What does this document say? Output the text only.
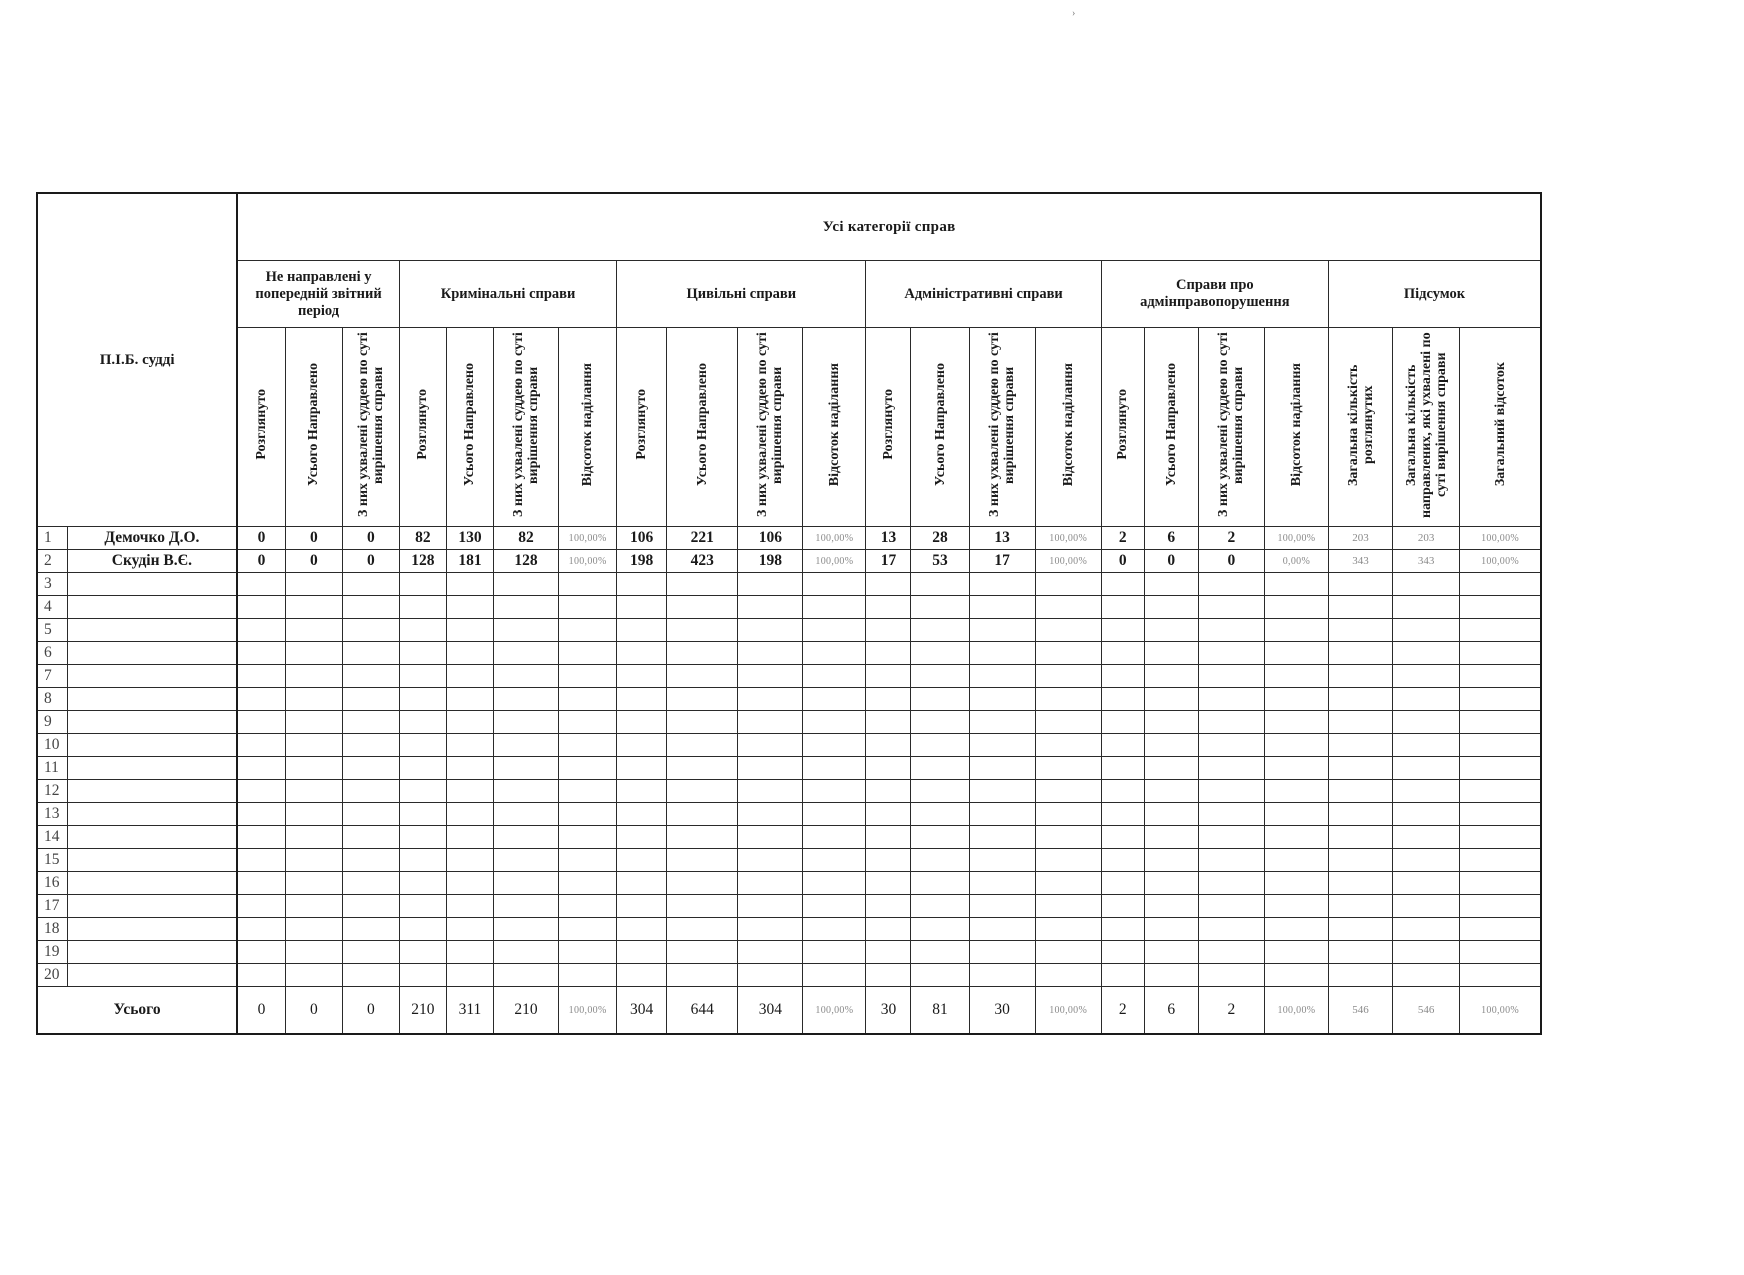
›
П.І.Б. судді		Усі категорії справ																					
		Не направлені у попередній звітний період			Кримінальні справи				Цивільні справи				Адміністративні справи				Справи про адмінправопорушення				Підсумок		
		Розглянуто	Усього Направлено	З них ухвалені суддею по суті вирішення справи	Розглянуто	Усього Направлено	З них ухвалені суддею по суті вирішення справи	Відсоток наділання	Розглянуто	Усього Направлено	З них ухвалені суддею по суті вирішення справи	Відсоток наділання	Розглянуто	Усього Направлено	З них ухвалені суддею по суті вирішення справи	Відсоток наділання	Розглянуто	Усього Направлено	З них ухвалені суддею по суті вирішення справи	Відсоток наділання	Загальна кількість розглянутих	Загальна кількість направлених, які ухвалені по суті вирішення справи	Загальний відсоток
1	Демочко Д.О.	0	0	0	82	130	82	100,00%	106	221	106	100,00%	13	28	13	100,00%	2	6	2	100,00%	203	203	100,00%
2	Скудін В.Є.	0	0	0	128	181	128	100,00%	198	423	198	100,00%	17	53	17	100,00%	0	0	0	0,00%	343	343	100,00%
3																							
4																							
5																							
6																							
7																							
8																							
9																							
10																							
11																							
12																							
13																							
14																							
15																							
16																							
17																							
18																							
19																							
20																							
Усього		0	0	0	210	311	210	100,00%	304	644	304	100,00%	30	81	30	100,00%	2	6	2	100,00%	546	546	100,00%
